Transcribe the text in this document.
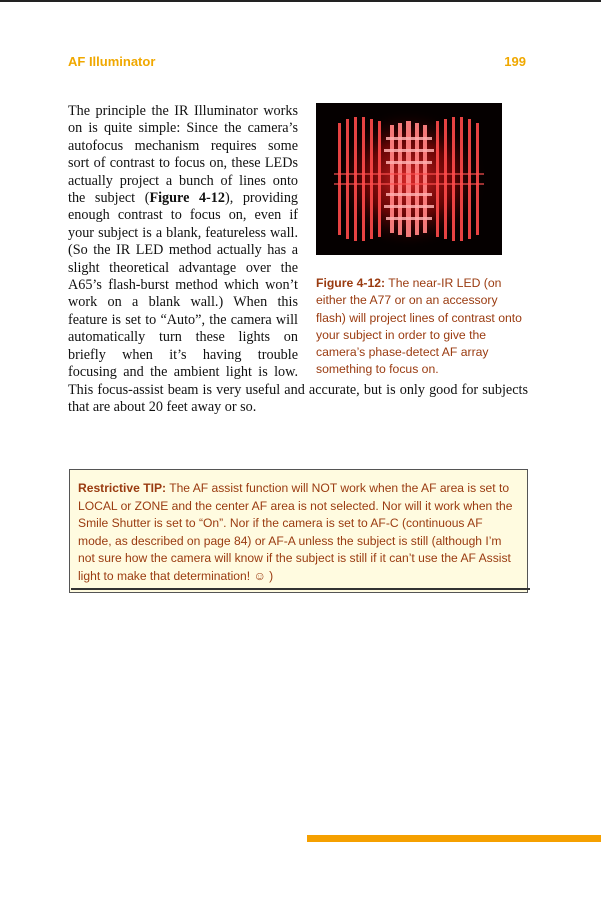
AF Illuminator	199
Figure 4-12: The near-IR LED (on either the A77 or on an accessory flash) will project lines of contrast onto your subject in order to give the camera’s phase-detect AF array something to focus on.
The principle the IR Illuminator works on is quite simple: Since the camera’s autofocus mechanism requires some sort of contrast to focus on, these LEDs actually project a bunch of lines onto the subject (Figure 4-12), providing enough contrast to focus on, even if your subject is a blank, featureless wall. (So the IR LED method actually has a slight theoretical advantage over the A65’s flash-burst method which won’t work on a blank wall.) When this feature is set to “Auto”, the camera will automatically turn these lights on briefly when it’s having trouble focusing and the ambient light is low. This focus-assist beam is very useful and accurate, but is only good for subjects that are about 20 feet away or so.
Restrictive TIP: The AF assist function will NOT work when the AF area is set to LOCAL or ZONE and the center AF area is not selected. Nor will it work when the Smile Shutter is set to “On”. Nor if the camera is set to AF-C (continuous AF mode, as described on page 84) or AF-A unless the subject is still (although I’m not sure how the camera will know if the subject is still if it can’t use the AF Assist light to make that determination! ☺ )
